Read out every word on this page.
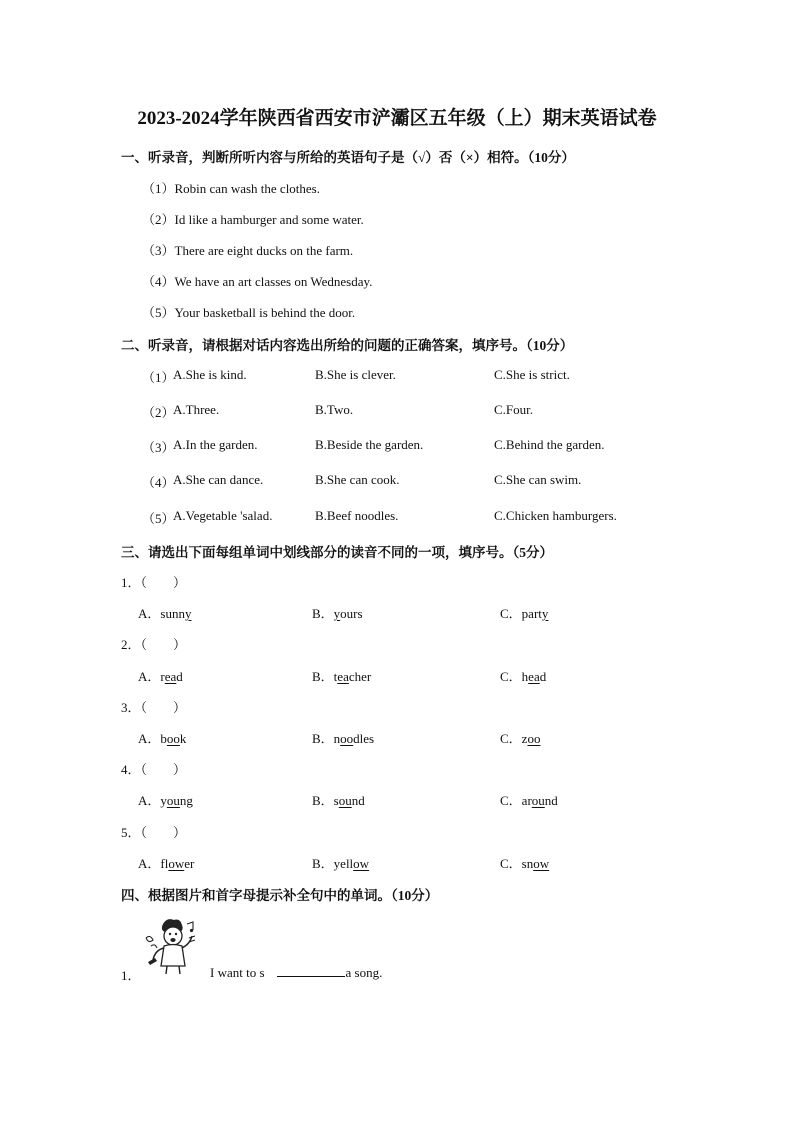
2023-2024学年陕西省西安市浐灞区五年级（上）期末英语试卷
一、听录音，判断所听内容与所给的英语句子是（√）否（×）相符。（10分）
（1）Robin can wash the clothes.
（2）Id like a hamburger and some water.
（3）There are eight ducks on the farm.
（4）We have an art classes on Wednesday.
（5）Your basketball is behind the door.
二、听录音，请根据对话内容选出所给的问题的正确答案，填序号。（10分）
（1）
A.She is kind.	B.She is clever.	C.She is strict.
（2）
A.Three.	B.Two.	C.Four.
（3）
A.In the garden.	B.Beside the garden.	C.Behind the garden.
（4）
A.She can dance.	B.She can cook.	C.She can swim.
（5）
A.Vegetable 'salad.	B.Beef noodles.	C.Chicken hamburgers.
三、请选出下面每组单词中划线部分的读音不同的一项，填序号。（5分）
1．（　　）
A．sunny	B．yours	C．party
2．（　　）
A．read	B．teacher	C．head
3．（　　）
A．book	B．noodles	C．zoo
4．（　　）
A．young	B．sound	C．around
5．（　　）
A．flower	B．yellow	C．snow
四、根据图片和首字母提示补全句中的单词。（10分）
1．	I want to s	a song.
